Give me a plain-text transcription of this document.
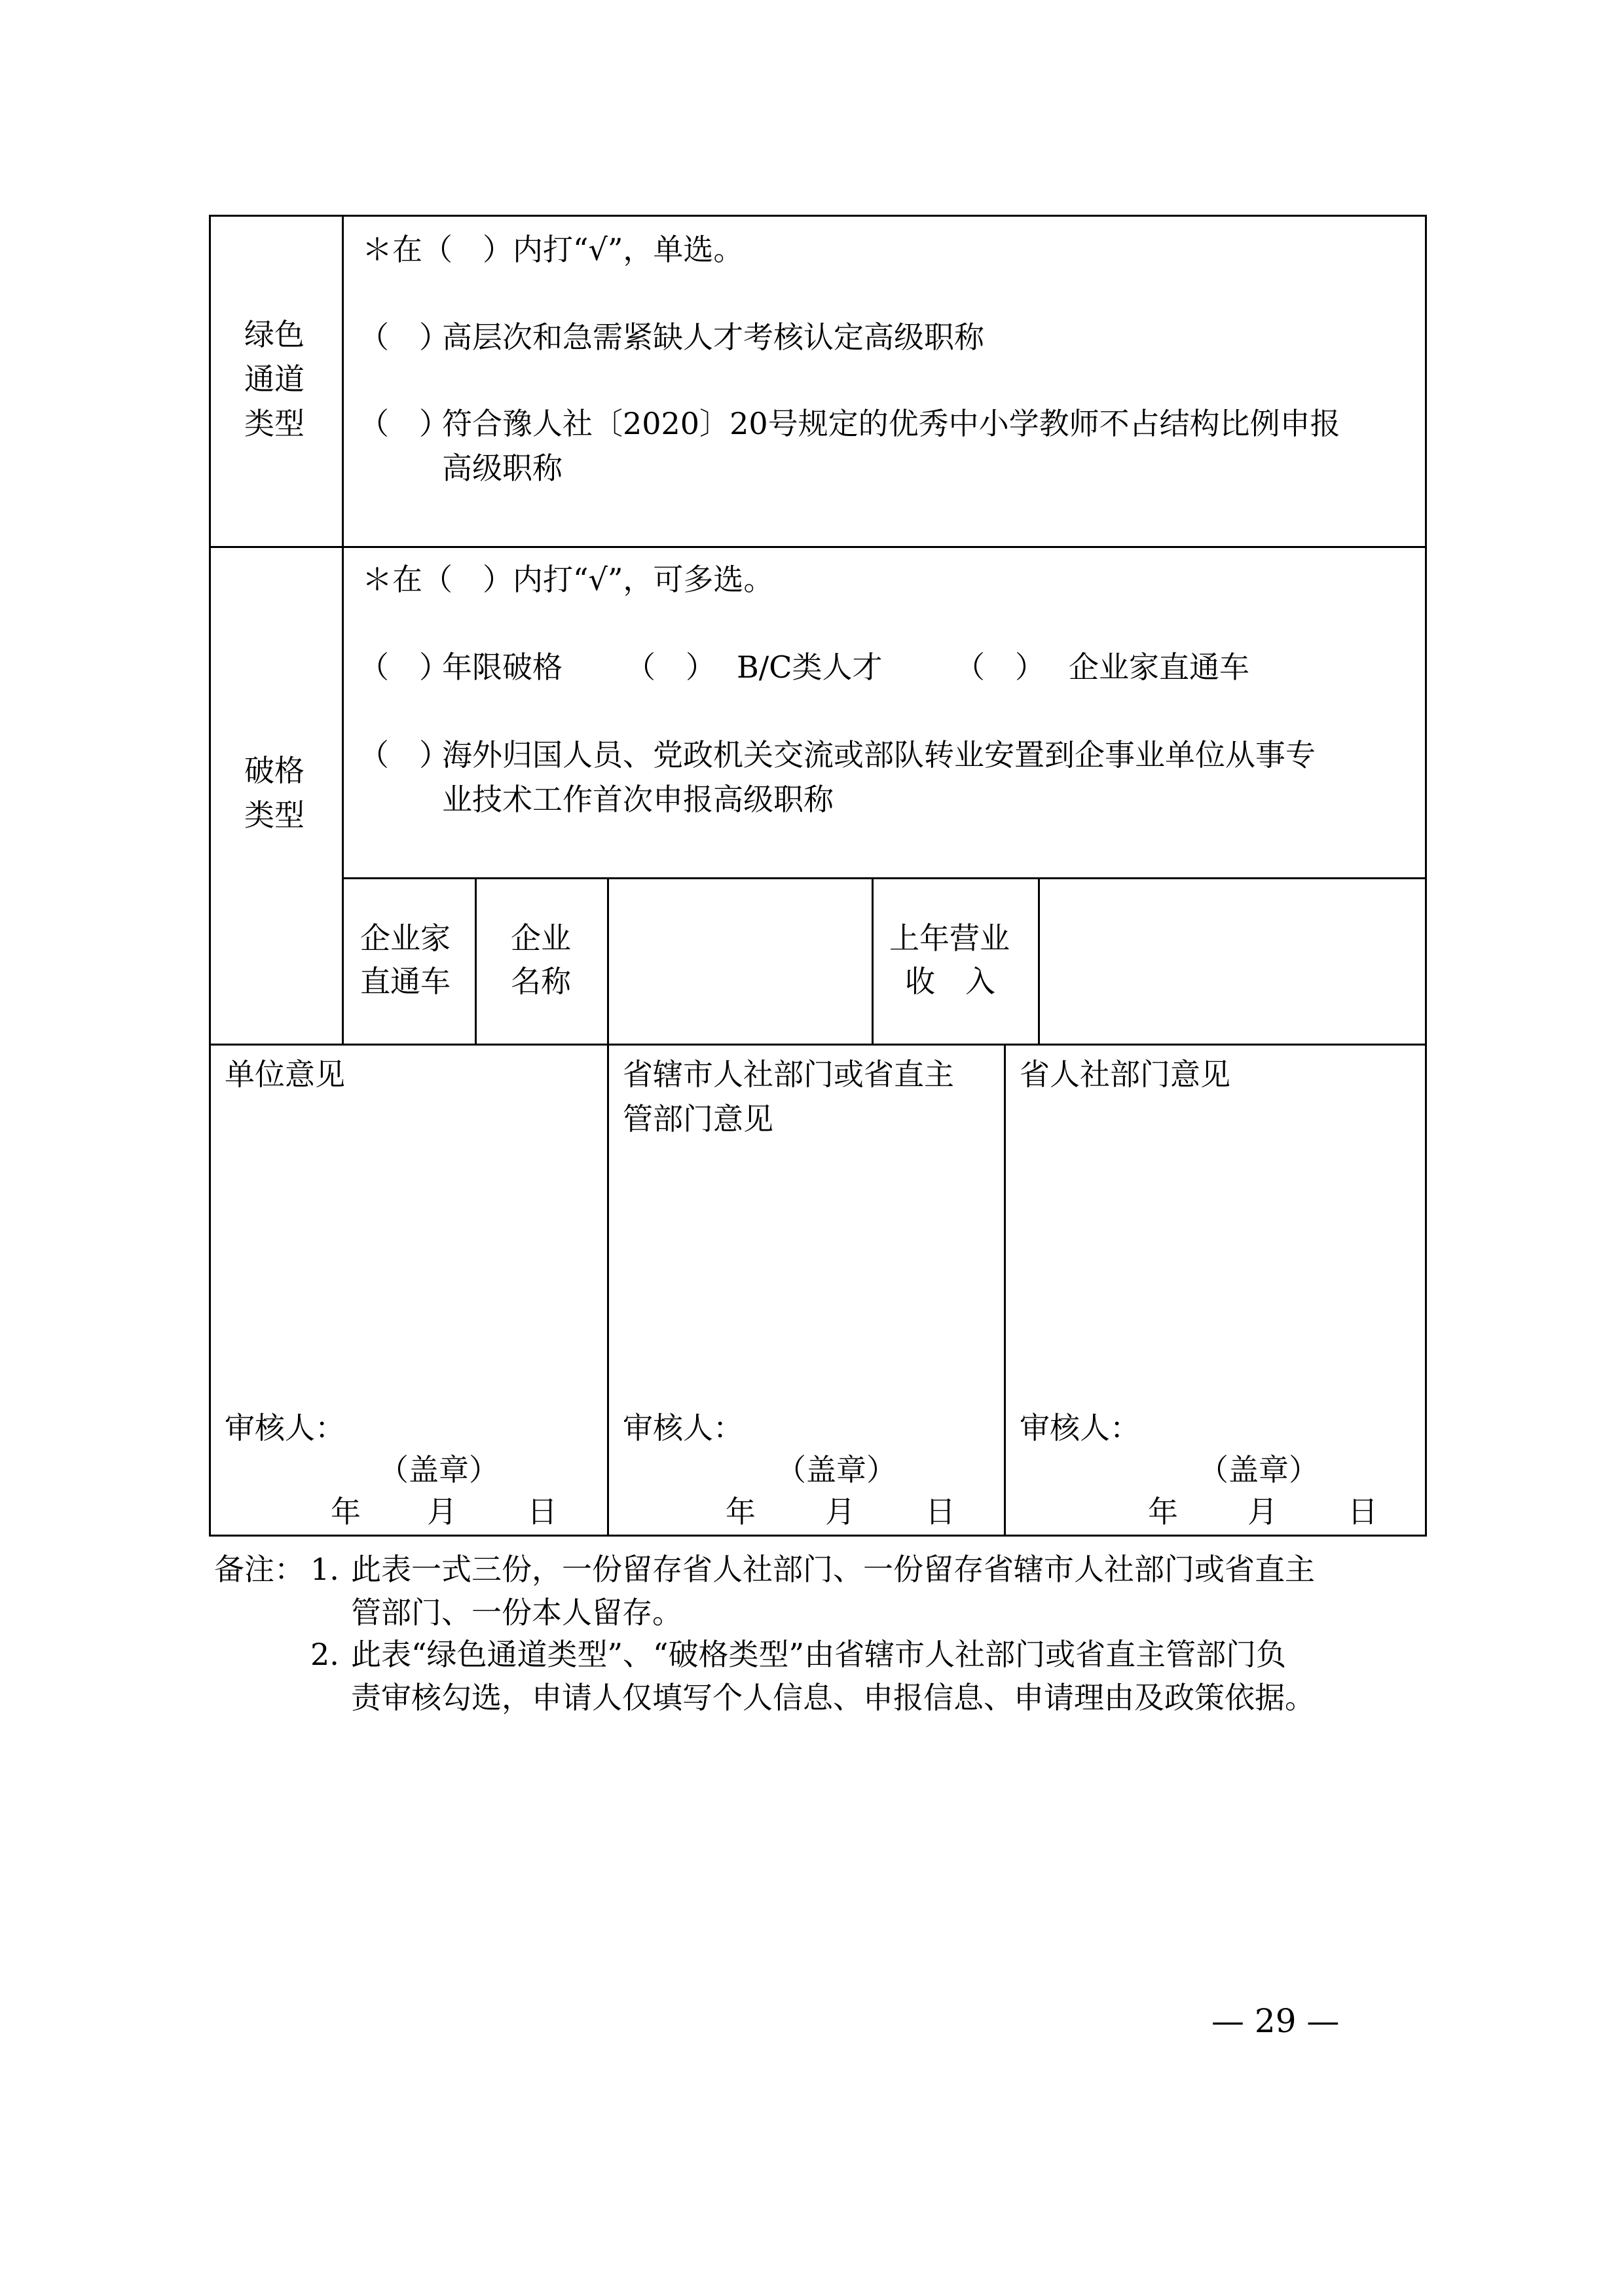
绿色
通道
类型
＊在（　）内打“√”，单选。
（　）
高层次和急需紧缺人才考核认定高级职称
（　）
符合豫人社〔2020〕20号规定的优秀中小学教师不占结构比例申报
高级职称
破格
类型
＊在（　）内打“√”，可多选。
（　）
年限破格 （　） B/C类人才 （　） 企业家直通车
（　）
海外归国人员、党政机关交流或部队转业安置到企事业单位从事专
业技术工作首次申报高级职称
企业家
直通车
企业
名称
上年营业
收　入
单位意见
审核人：
（盖章）
年 月 日
省辖市人社部门或省直主
管部门意见
审核人：
（盖章）
年 月 日
省人社部门意见
审核人：
（盖章）
年 月 日
备注： 1. 此表一式三份，一份留存省人社部门、一份留存省辖市人社部门或省直主
管部门、一份本人留存。
2. 此表“绿色通道类型”、“破格类型”由省辖市人社部门或省直主管部门负
责审核勾选，申请人仅填写个人信息、申报信息、申请理由及政策依据。
— 29 —
